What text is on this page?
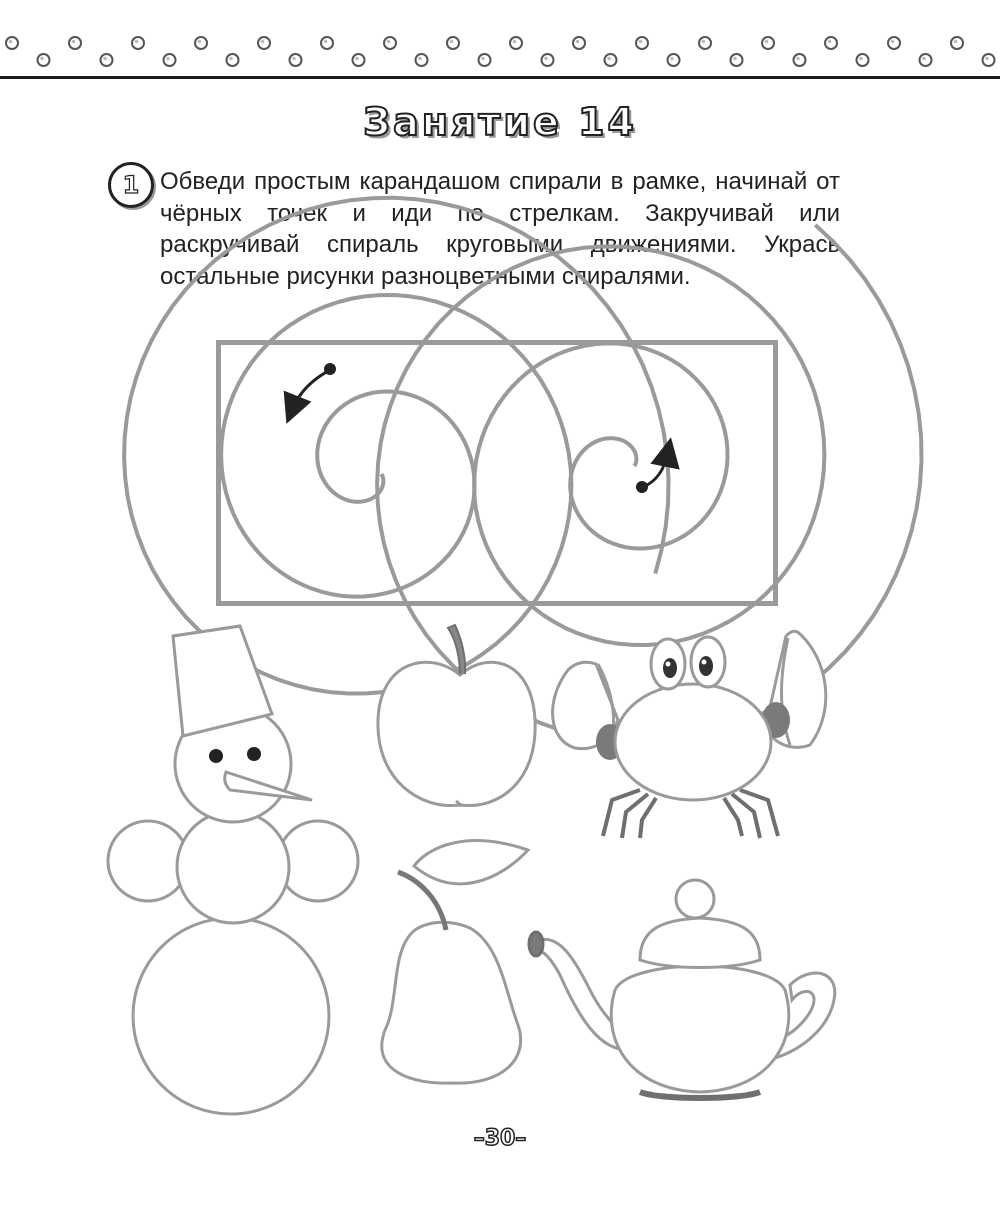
Занятие 14
1 Обведи простым карандашом спирали в рамке, начинай от чёрных точек и иди по стрелкам. Закручивай или раскручивай спираль круговыми движениями. Укрась остальные рисунки разноцветными спиралями.
–30–
